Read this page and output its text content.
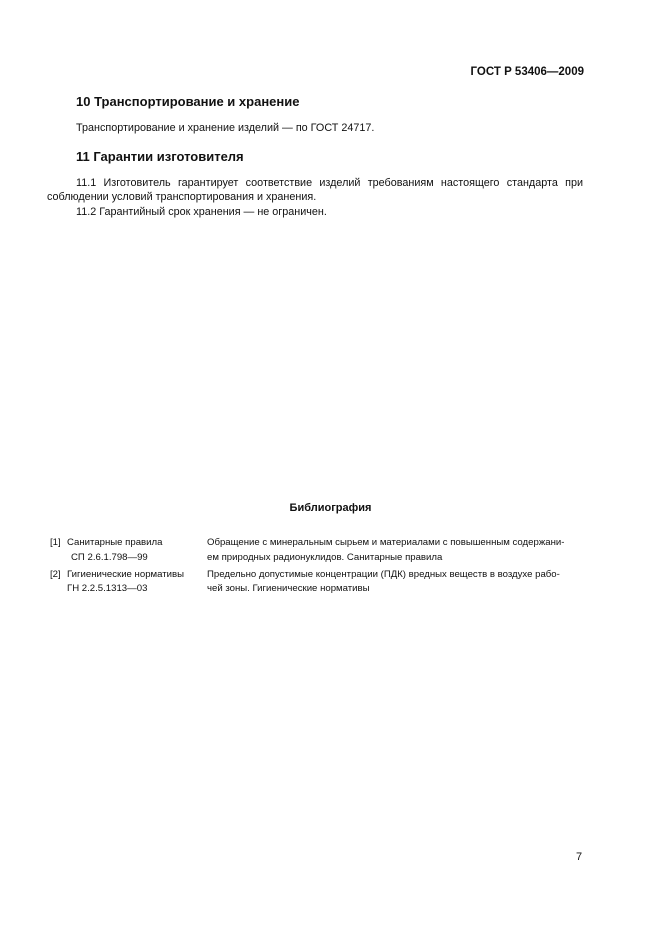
ГОСТ Р 53406—2009
10 Транспортирование и хранение
Транспортирование и хранение изделий — по ГОСТ 24717.
11 Гарантии изготовителя
11.1 Изготовитель гарантирует соответствие изделий требованиям настоящего стандарта при
соблюдении условий транспортирования и хранения.
11.2 Гарантийный срок хранения — не ограничен.
Библиография
[1] Санитарные правила
СП 2.6.1.798—99
Обращение с минеральным сырьем и материалами с повышенным содержани-
ем природных радионуклидов. Санитарные правила
[2] Гигиенические нормативы
ГН 2.2.5.1313—03
Предельно допустимые концентрации (ПДК) вредных веществ в воздухе рабо-
чей зоны. Гигиенические нормативы
7
